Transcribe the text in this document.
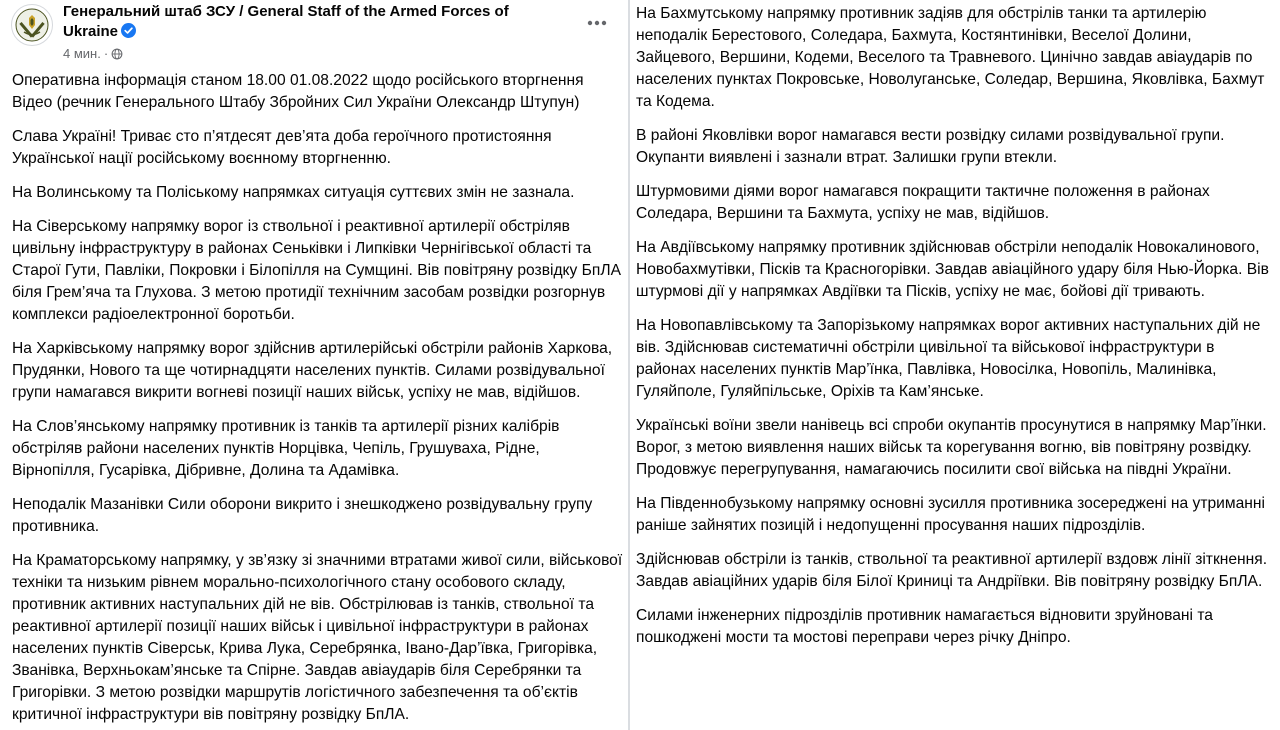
Генеральний штаб ЗСУ / General Staff of the Armed Forces of Ukraine
4 мин. ·

Оперативна інформація станом 18.00 01.08.2022 щодо російського вторгнення Відео (речник Генерального Штабу Збройних Сил України Олександр Штупун)

Слава Україні! Триває сто п’ятдесят дев’ята доба героїчного протистояння Української нації російському воєнному вторгненню.

На Волинському та Поліському напрямках ситуація суттєвих змін не зазнала.

На Сіверському напрямку ворог із ствольної і реактивної артилерії обстріляв цивільну інфраструктуру в районах Сеньківки і Липківки Чернігівської області та Старої Гути, Павліки, Покровки і Білопілля на Сумщині. Вів повітряну розвідку БпЛА біля Грем’яча та Глухова. З метою протидії технічним засобам розвідки розгорнув комплекси радіоелектронної боротьби.

На Харківському напрямку ворог здійснив артилерійські обстріли районів Харкова, Прудянки, Нового та ще чотирнадцяти населених пунктів. Силами розвідувальної групи намагався викрити вогневі позиції наших військ, успіху не мав, відійшов.

На Слов’янському напрямку противник із танків та артилерії різних калібрів обстріляв райони населених пунктів Норцівка, Чепіль, Грушуваха, Рідне, Вірнопілля, Гусарівка, Дібривне, Долина та Адамівка.

Неподалік Мазанівки Сили оборони викрито і знешкоджено розвідувальну групу противника.

На Краматорському напрямку, у зв’язку зі значними втратами живої сили, військової техніки та низьким рівнем морально-психологічного стану особового складу, противник активних наступальних дій не вів. Обстрілював із танків, ствольної та реактивної артилерії позиції наших військ і цивільної інфраструктури в районах населених пунктів Сіверськ, Крива Лука, Серебрянка, Івано-Дар’ївка, Григорівка, Званівка, Верхньокам’янське та Спірне. Завдав авіаударів біля Серебрянки та Григорівки. З метою розвідки маршрутів логістичного забезпечення та об’єктів критичної інфраструктури вів повітряну розвідку БпЛА.

На Бахмутському напрямку противник задіяв для обстрілів танки та артилерію неподалік Берестового, Соледара, Бахмута, Костянтинівки, Веселої Долини, Зайцевого, Вершини, Кодеми, Веселого та Травневого. Цинічно завдав авіаударів по населених пунктах Покровське, Новолуганське, Соледар, Вершина, Яковлівка, Бахмут та Кодема.

В районі Яковлівки ворог намагався вести розвідку силами розвідувальної групи. Окупанти виявлені і зазнали втрат. Залишки групи втекли.

Штурмовими діями ворог намагався покращити тактичне положення в районах Соледара, Вершини та Бахмута, успіху не мав, відійшов.

На Авдіївському напрямку противник здійснював обстріли неподалік Новокалинового, Новобахмутівки, Пісків та Красногорівки. Завдав авіаційного удару біля Нью-Йорка. Вів штурмові дії у напрямках Авдіївки та Пісків, успіху не має, бойові дії тривають.

На Новопавлівському та Запорізькому напрямках ворог активних наступальних дій не вів. Здійснював систематичні обстріли цивільної та військової інфраструктури в районах населених пунктів Мар’їнка, Павлівка, Новосілка, Новопіль, Малинівка, Гуляйполе, Гуляйпільське, Оріхів та Кам’янське.

Українські воїни звели нанівець всі спроби окупантів просунутися в напрямку Мар’їнки. Ворог, з метою виявлення наших військ та корегування вогню, вів повітряну розвідку. Продовжує перегрупування, намагаючись посилити свої війська на півдні України.

На Південнобузькому напрямку основні зусилля противника зосереджені на утриманні раніше зайнятих позицій і недопущенні просування наших підрозділів.

Здійснював обстріли із танків, ствольної та реактивної артилерії вздовж лінії зіткнення. Завдав авіаційних ударів біля Білої Криниці та Андріївки. Вів повітряну розвідку БпЛА.

Силами інженерних підрозділів противник намагається відновити зруйновані та пошкоджені мости та мостові переправи через річку Дніпро.
